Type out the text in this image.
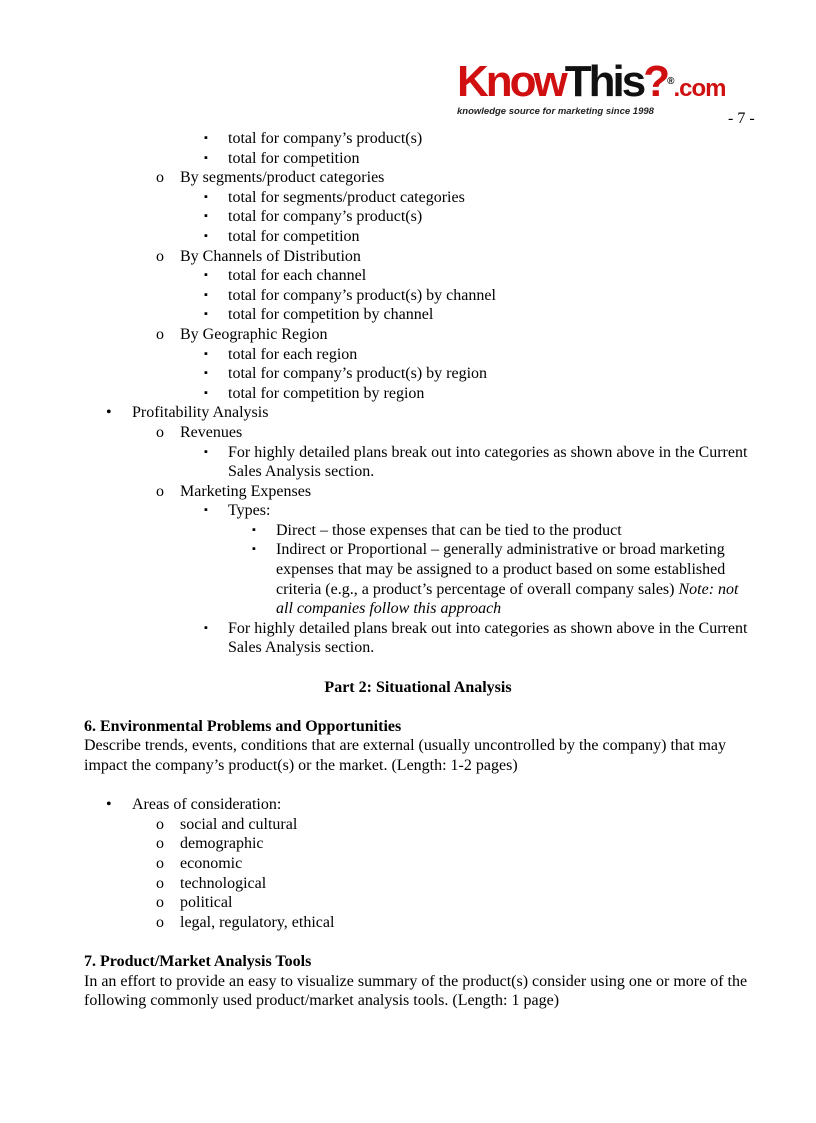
KnowThis?®.com
knowledge source for marketing since 1998	- 7 -
▪ total for company’s product(s)
▪ total for competition
o By segments/product categories
▪ total for segments/product categories
▪ total for company’s product(s)
▪ total for competition
o By Channels of Distribution
▪ total for each channel
▪ total for company’s product(s) by channel
▪ total for competition by channel
o By Geographic Region
▪ total for each region
▪ total for company’s product(s) by region
▪ total for competition by region
• Profitability Analysis
o Revenues
▪ For highly detailed plans break out into categories as shown above in the Current Sales Analysis section.
o Marketing Expenses
▪ Types:
▪ Direct – those expenses that can be tied to the product
▪ Indirect or Proportional – generally administrative or broad marketing expenses that may be assigned to a product based on some established criteria (e.g., a product’s percentage of overall company sales) Note: not all companies follow this approach
▪ For highly detailed plans break out into categories as shown above in the Current Sales Analysis section.
Part 2: Situational Analysis
6. Environmental Problems and Opportunities
Describe trends, events, conditions that are external (usually uncontrolled by the company) that may impact the company’s product(s) or the market. (Length: 1-2 pages)
• Areas of consideration:
o social and cultural
o demographic
o economic
o technological
o political
o legal, regulatory, ethical
7. Product/Market Analysis Tools
In an effort to provide an easy to visualize summary of the product(s) consider using one or more of the following commonly used product/market analysis tools. (Length: 1 page)
